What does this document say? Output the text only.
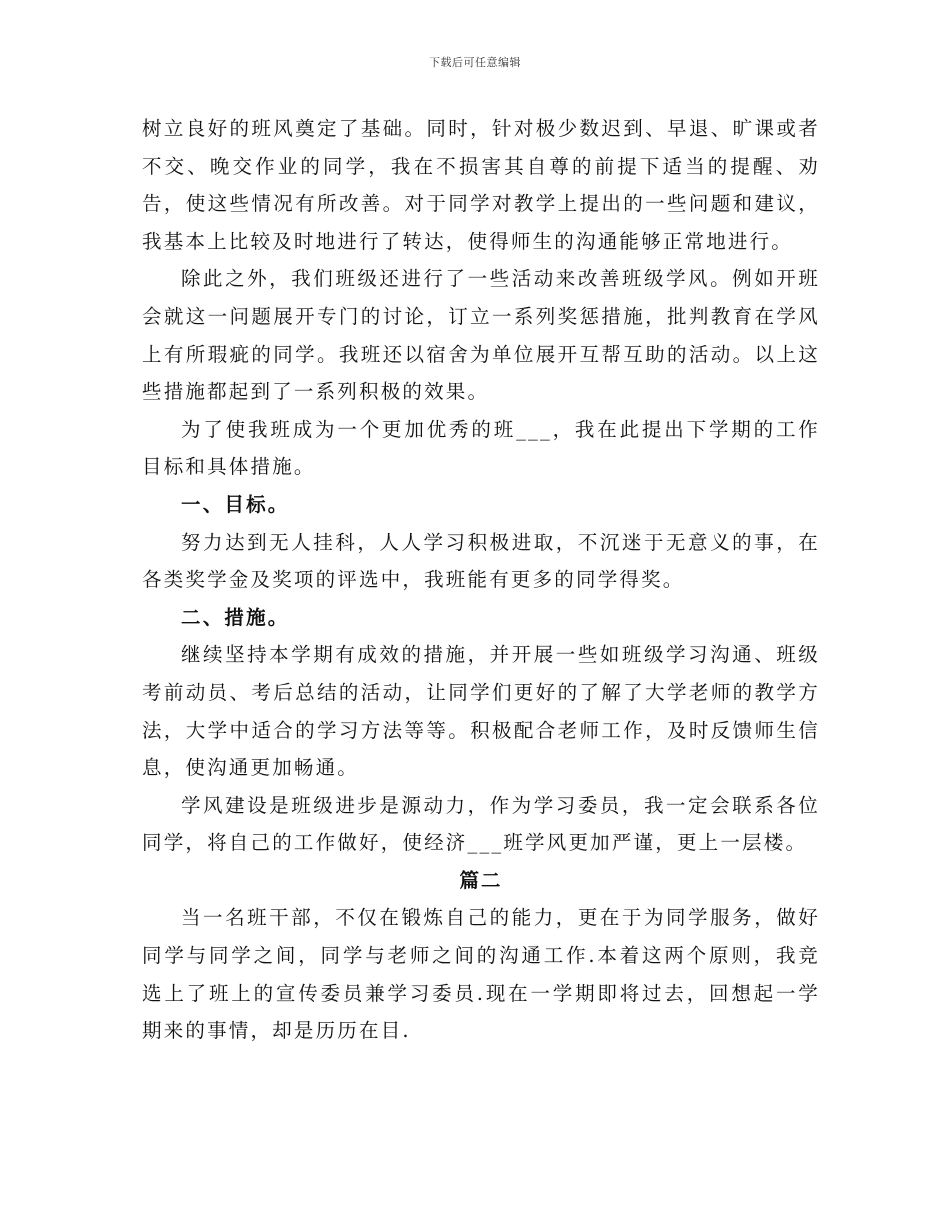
下载后可任意编辑

树立良好的班风奠定了基础。同时，针对极少数迟到、早退、旷课或者不交、晚交作业的同学，我在不损害其自尊的前提下适当的提醒、劝告，使这些情况有所改善。对于同学对教学上提出的一些问题和建议，我基本上比较及时地进行了转达，使得师生的沟通能够正常地进行。

除此之外，我们班级还进行了一些活动来改善班级学风。例如开班会就这一问题展开专门的讨论，订立一系列奖惩措施，批判教育在学风上有所瑕疵的同学。我班还以宿舍为单位展开互帮互助的活动。以上这些措施都起到了一系列积极的效果。

为了使我班成为一个更加优秀的班___，我在此提出下学期的工作目标和具体措施。

一、目标。

努力达到无人挂科，人人学习积极进取，不沉迷于无意义的事，在各类奖学金及奖项的评选中，我班能有更多的同学得奖。

二、措施。

继续坚持本学期有成效的措施，并开展一些如班级学习沟通、班级考前动员、考后总结的活动，让同学们更好的了解了大学老师的教学方法，大学中适合的学习方法等等。积极配合老师工作，及时反馈师生信息，使沟通更加畅通。

学风建设是班级进步是源动力，作为学习委员，我一定会联系各位同学，将自己的工作做好，使经济___班学风更加严谨，更上一层楼。

篇二

当一名班干部，不仅在锻炼自己的能力，更在于为同学服务，做好同学与同学之间，同学与老师之间的沟通工作.本着这两个原则，我竞选上了班上的宣传委员兼学习委员.现在一学期即将过去，回想起一学期来的事情，却是历历在目.
